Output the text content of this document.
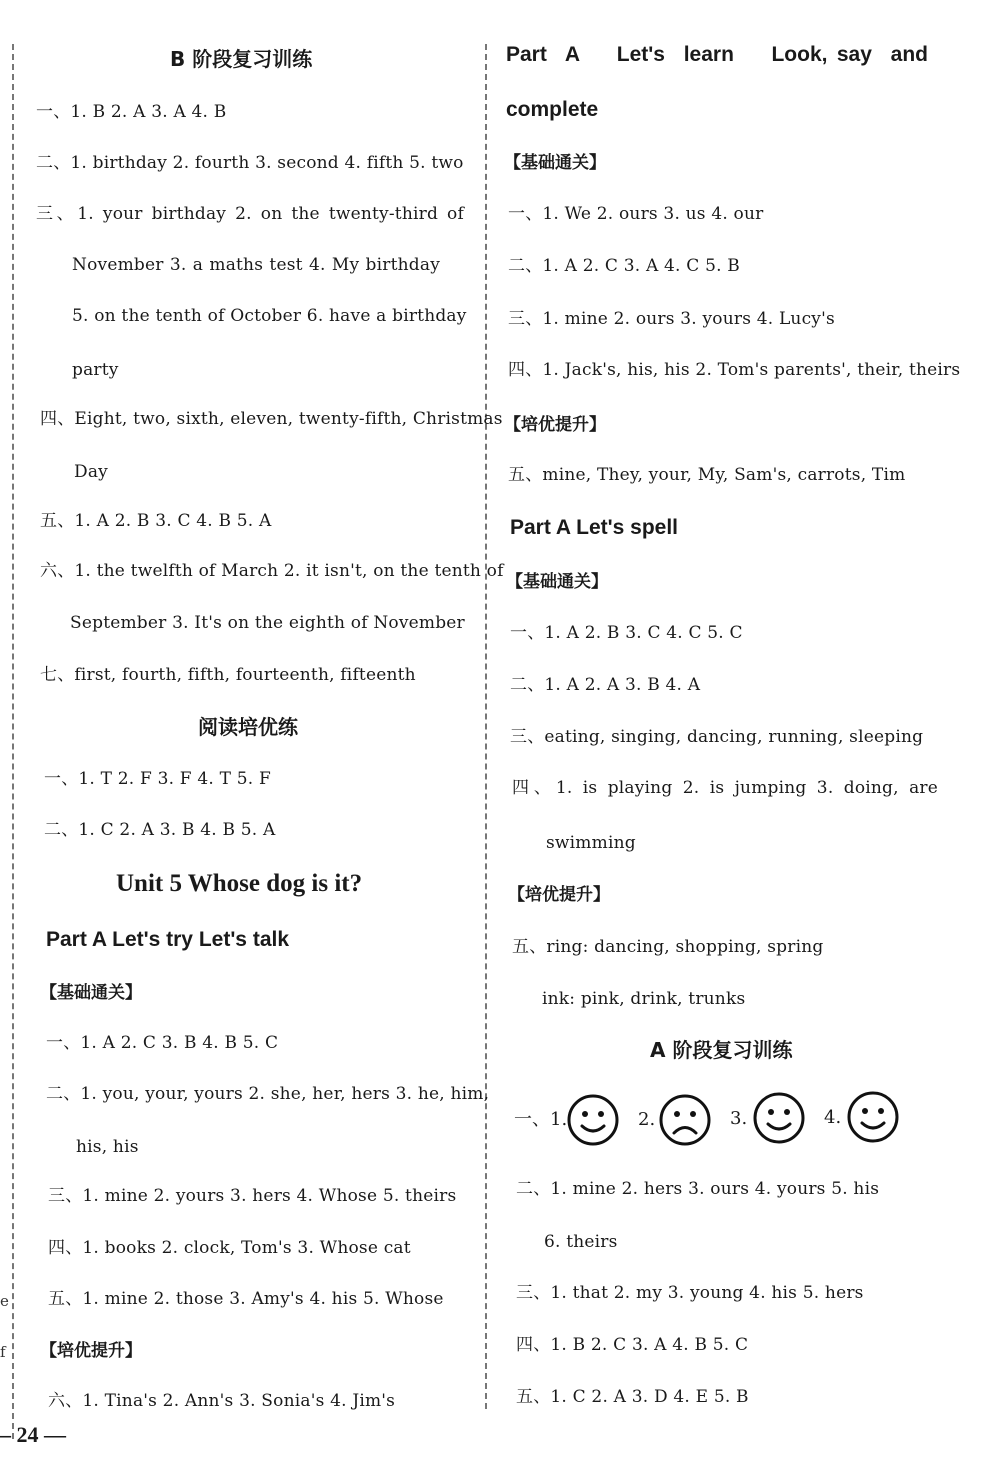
e
f
B 阶段复习训练
一、1. B 2. A 3. A 4. B
二、1. birthday 2. fourth 3. second 4. fifth 5. two
三、1. your birthday 2. on the twenty-third of
November 3. a maths test 4. My birthday
5. on the tenth of October 6. have a birthday
party
四、Eight, two, sixth, eleven, twenty-fifth, Christmas
Day
五、1. A 2. B 3. C 4. B 5. A
六、1. the twelfth of March 2. it isn't, on the tenth of
September 3. It's on the eighth of November
七、first, fourth, fifth, fourteenth, fifteenth
阅读培优练
一、1. T 2. F 3. F 4. T 5. F
二、1. C 2. A 3. B 4. B 5. A
Unit 5 Whose dog is it?
Part A Let's try Let's talk
【基础通关】
一、1. A 2. C 3. B 4. B 5. C
二、1. you, your, yours 2. she, her, hers 3. he, him,
his, his
三、1. mine 2. yours 3. hers 4. Whose 5. theirs
四、1. books 2. clock, Tom's 3. Whose cat
五、1. mine 2. those 3. Amy's 4. his 5. Whose
【培优提升】
六、1. Tina's 2. Ann's 3. Sonia's 4. Jim's
– 24 —
Part  A    Let's  learn    Look, say  and
complete
【基础通关】
一、1. We 2. ours 3. us 4. our
二、1. A 2. C 3. A 4. C 5. B
三、1. mine 2. ours 3. yours 4. Lucy's
四、1. Jack's, his, his 2. Tom's parents', their, theirs
【培优提升】
五、mine, They, your, My, Sam's, carrots, Tim
Part A Let's spell
【基础通关】
一、1. A 2. B 3. C 4. C 5. C
二、1. A 2. A 3. B 4. A
三、eating, singing, dancing, running, sleeping
四、1. is playing 2. is jumping 3. doing, are
swimming
【培优提升】
五、ring: dancing, shopping, spring
ink: pink, drink, trunks
A 阶段复习训练
一、1.	2.	3.	4.
二、1. mine 2. hers 3. ours 4. yours 5. his
6. theirs
三、1. that 2. my 3. young 4. his 5. hers
四、1. B 2. C 3. A 4. B 5. C
五、1. C 2. A 3. D 4. E 5. B
